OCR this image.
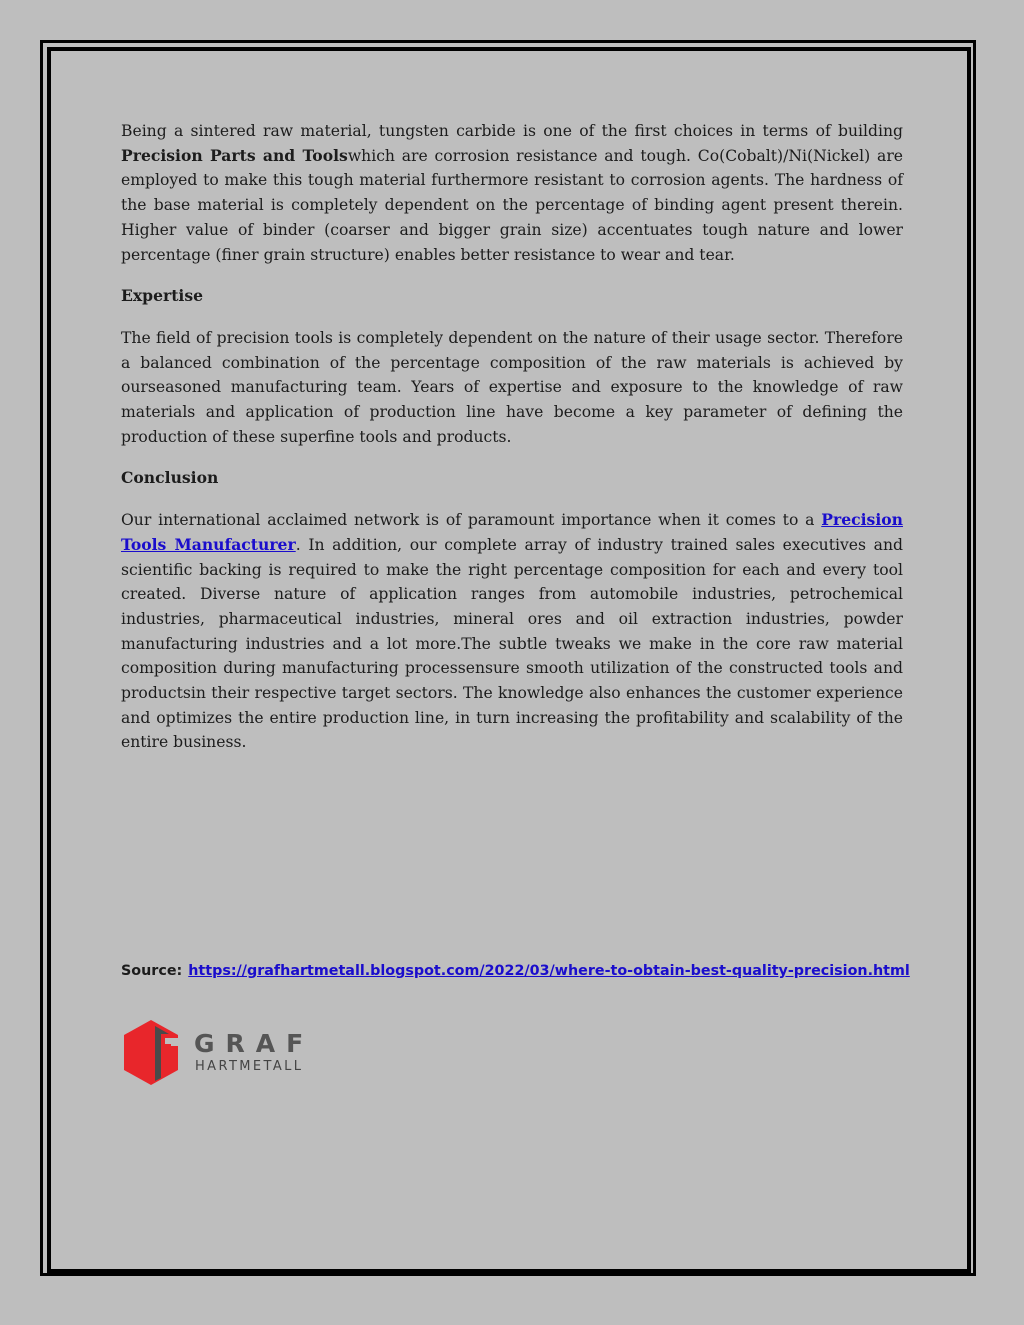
Being a sintered raw material, tungsten carbide is one of the first choices in terms of building Precision Parts and Toolswhich are corrosion resistance and tough. Co(Cobalt)/Ni(Nickel) are employed to make this tough material furthermore resistant to corrosion agents. The hardness of the base material is completely dependent on the percentage of binding agent present therein. Higher value of binder (coarser and bigger grain size) accentuates tough nature and lower percentage (finer grain structure) enables better resistance to wear and tear.

Expertise

The field of precision tools is completely dependent on the nature of their usage sector. Therefore a balanced combination of the percentage composition of the raw materials is achieved by ourseasoned manufacturing team. Years of expertise and exposure to the knowledge of raw materials and application of production line have become a key parameter of defining the production of these superfine tools and products.

Conclusion

Our international acclaimed network is of paramount importance when it comes to a Precision Tools Manufacturer. In addition, our complete array of industry trained sales executives and scientific backing is required to make the right percentage composition for each and every tool created. Diverse nature of application ranges from automobile industries, petrochemical industries, pharmaceutical industries, mineral ores and oil extraction industries, powder manufacturing industries and a lot more.The subtle tweaks we make in the core raw material composition during manufacturing processensure smooth utilization of the constructed tools and productsin their respective target sectors. The knowledge also enhances the customer experience and optimizes the entire production line, in turn increasing the profitability and scalability of the entire business.

Source: https://grafhartmetall.blogspot.com/2022/03/where-to-obtain-best-quality-precision.html
GRAF
HARTMETALL
